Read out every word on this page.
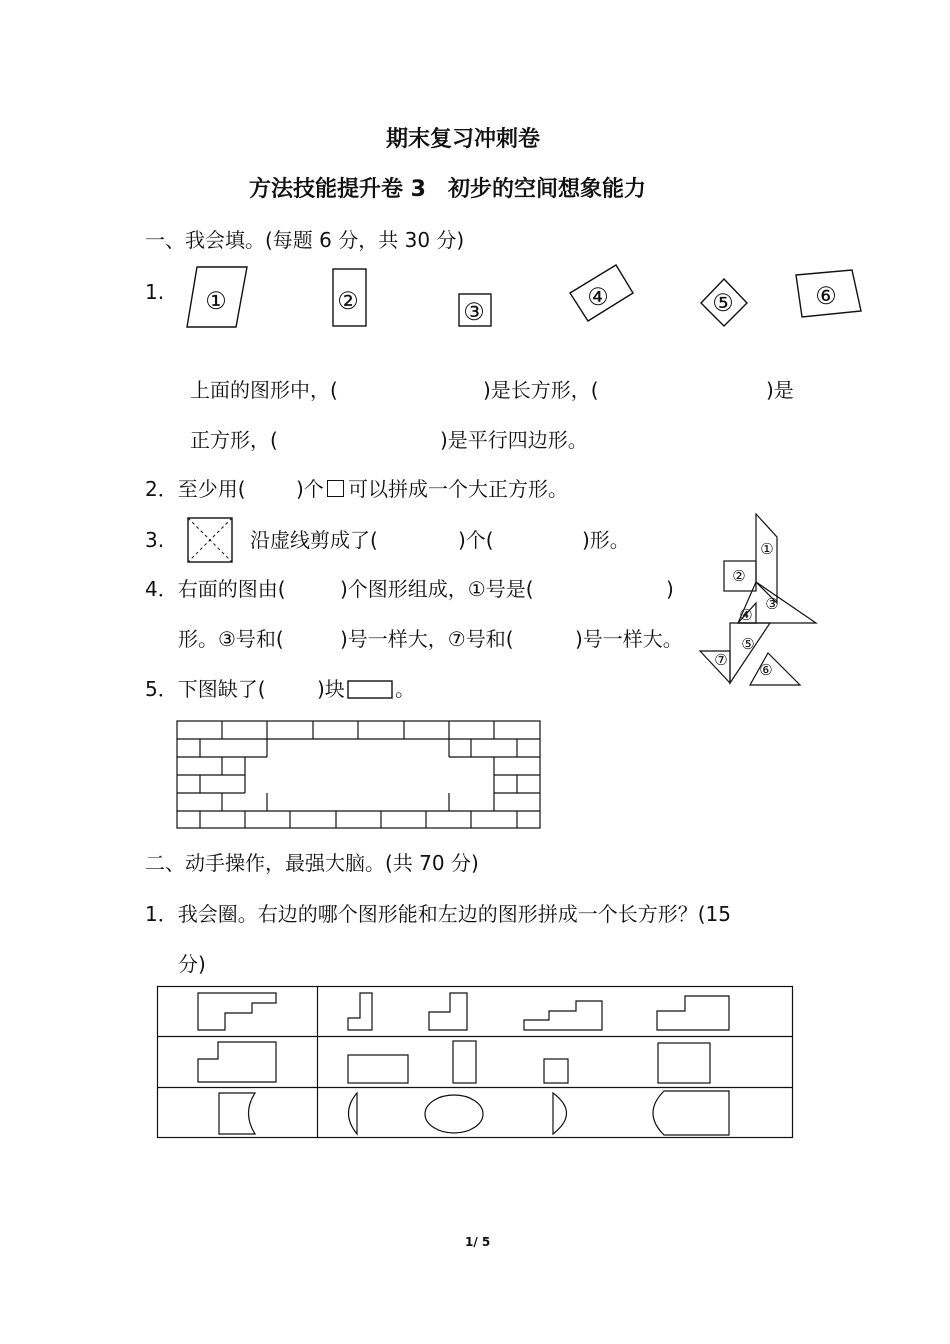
期末复习冲刺卷
方法技能提升卷 3　初步的空间想象能力
一、我会填。(每题 6 分，共 30 分)
1. ①	②	③
④	⑤	⑥
上面的图形中，(	)是长方形，(	)是
正方形，(	)是平行四边形。
2．至少用(	)个 可以拼成一个大正方形。
3.	沿虚线剪成了(	)个(	)形。
4．右面的图由(	)个图形组成，①号是(	)
形。③号和(	)号一样大，⑦号和(	)号一样大。
①
②
③
④
⑤
⑥
⑦
5．下图缺了(	)块	。
二、动手操作，最强大脑。(共 70 分)
1．我会圈。右边的哪个图形能和左边的图形拼成一个长方形？(15
分)
1/ 5
